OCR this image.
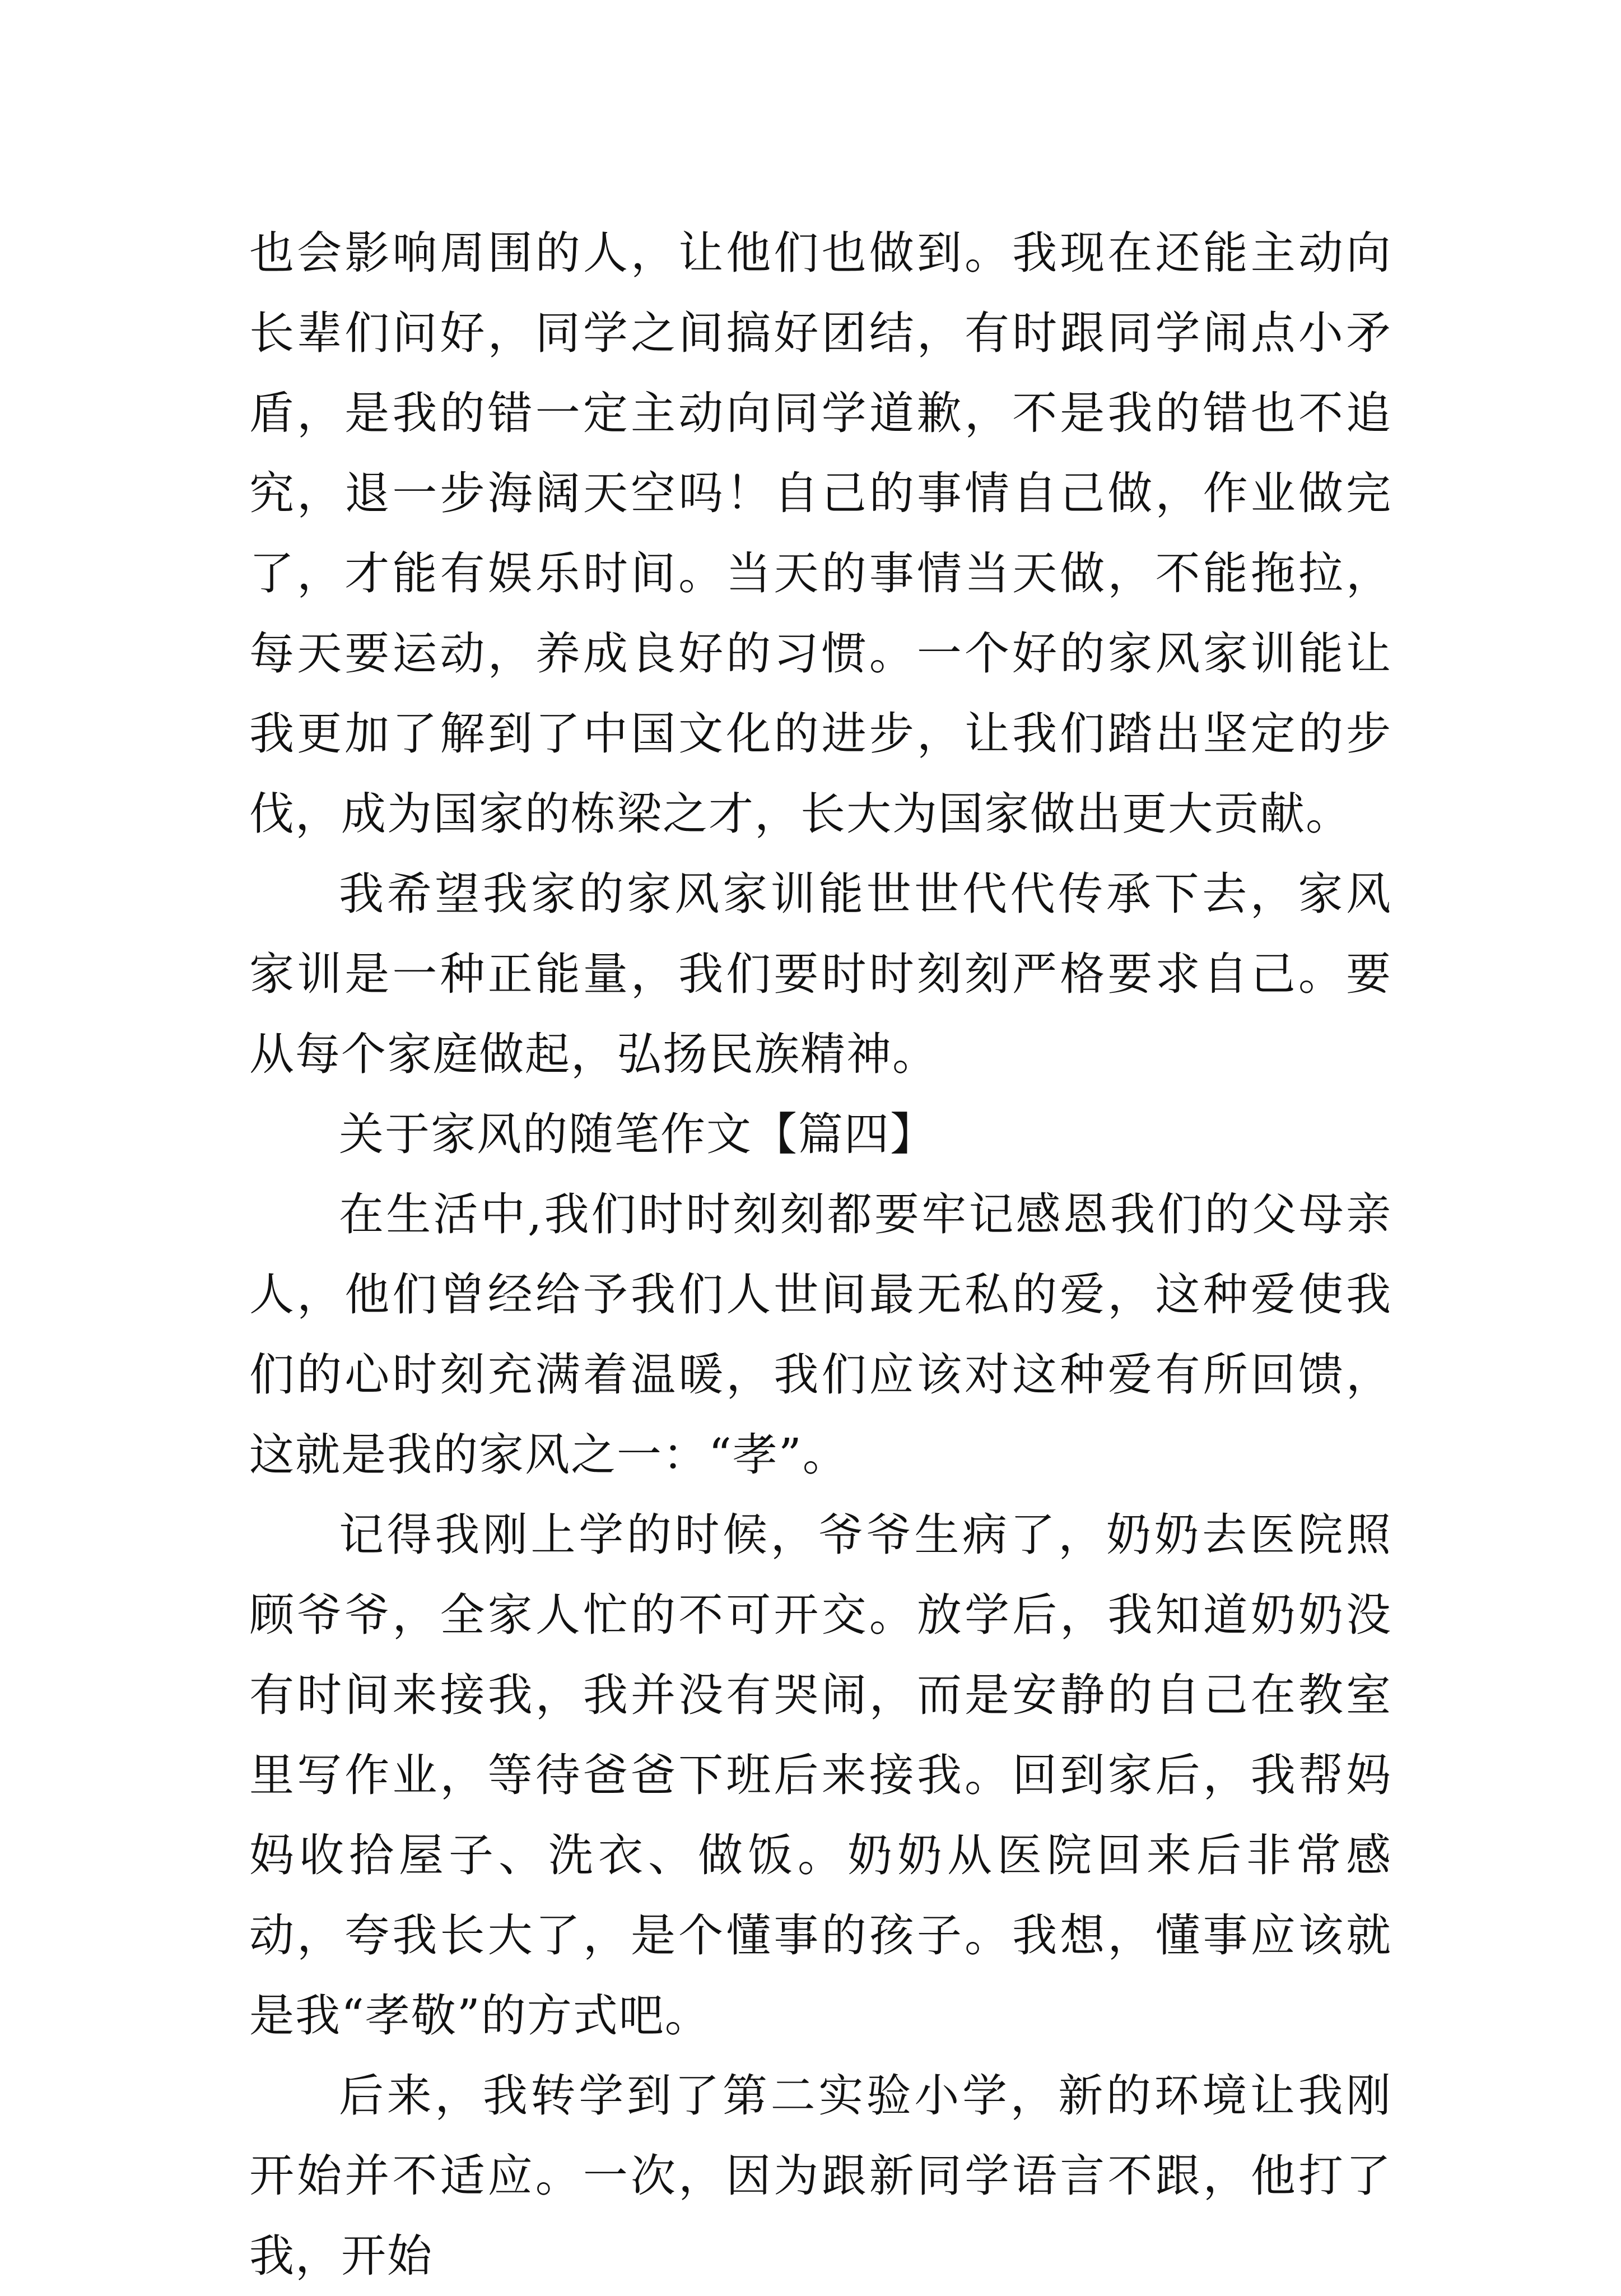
也会影响周围的人，让他们也做到。我现在还能主动向长辈们问好，同学之间搞好团结，有时跟同学闹点小矛盾，是我的错一定主动向同学道歉，不是我的错也不追究，退一步海阔天空吗！自己的事情自己做，作业做完了，才能有娱乐时间。当天的事情当天做，不能拖拉，每天要运动，养成良好的习惯。一个好的家风家训能让我更加了解到了中国文化的进步，让我们踏出坚定的步伐，成为国家的栋梁之才，长大为国家做出更大贡献。

我希望我家的家风家训能世世代代传承下去，家风家训是一种正能量，我们要时时刻刻严格要求自己。要从每个家庭做起，弘扬民族精神。

关于家风的随笔作文【篇四】

在生活中,我们时时刻刻都要牢记感恩我们的父母亲人，他们曾经给予我们人世间最无私的爱，这种爱使我们的心时刻充满着温暖，我们应该对这种爱有所回馈，这就是我的家风之一：“孝”。

记得我刚上学的时候，爷爷生病了，奶奶去医院照顾爷爷，全家人忙的不可开交。放学后，我知道奶奶没有时间来接我，我并没有哭闹，而是安静的自己在教室里写作业，等待爸爸下班后来接我。回到家后，我帮妈妈收拾屋子、洗衣、做饭。奶奶从医院回来后非常感动，夸我长大了，是个懂事的孩子。我想，懂事应该就是我“孝敬”的方式吧。

后来，我转学到了第二实验小学，新的环境让我刚开始并不适应。一次，因为跟新同学语言不跟，他打了我，开始
